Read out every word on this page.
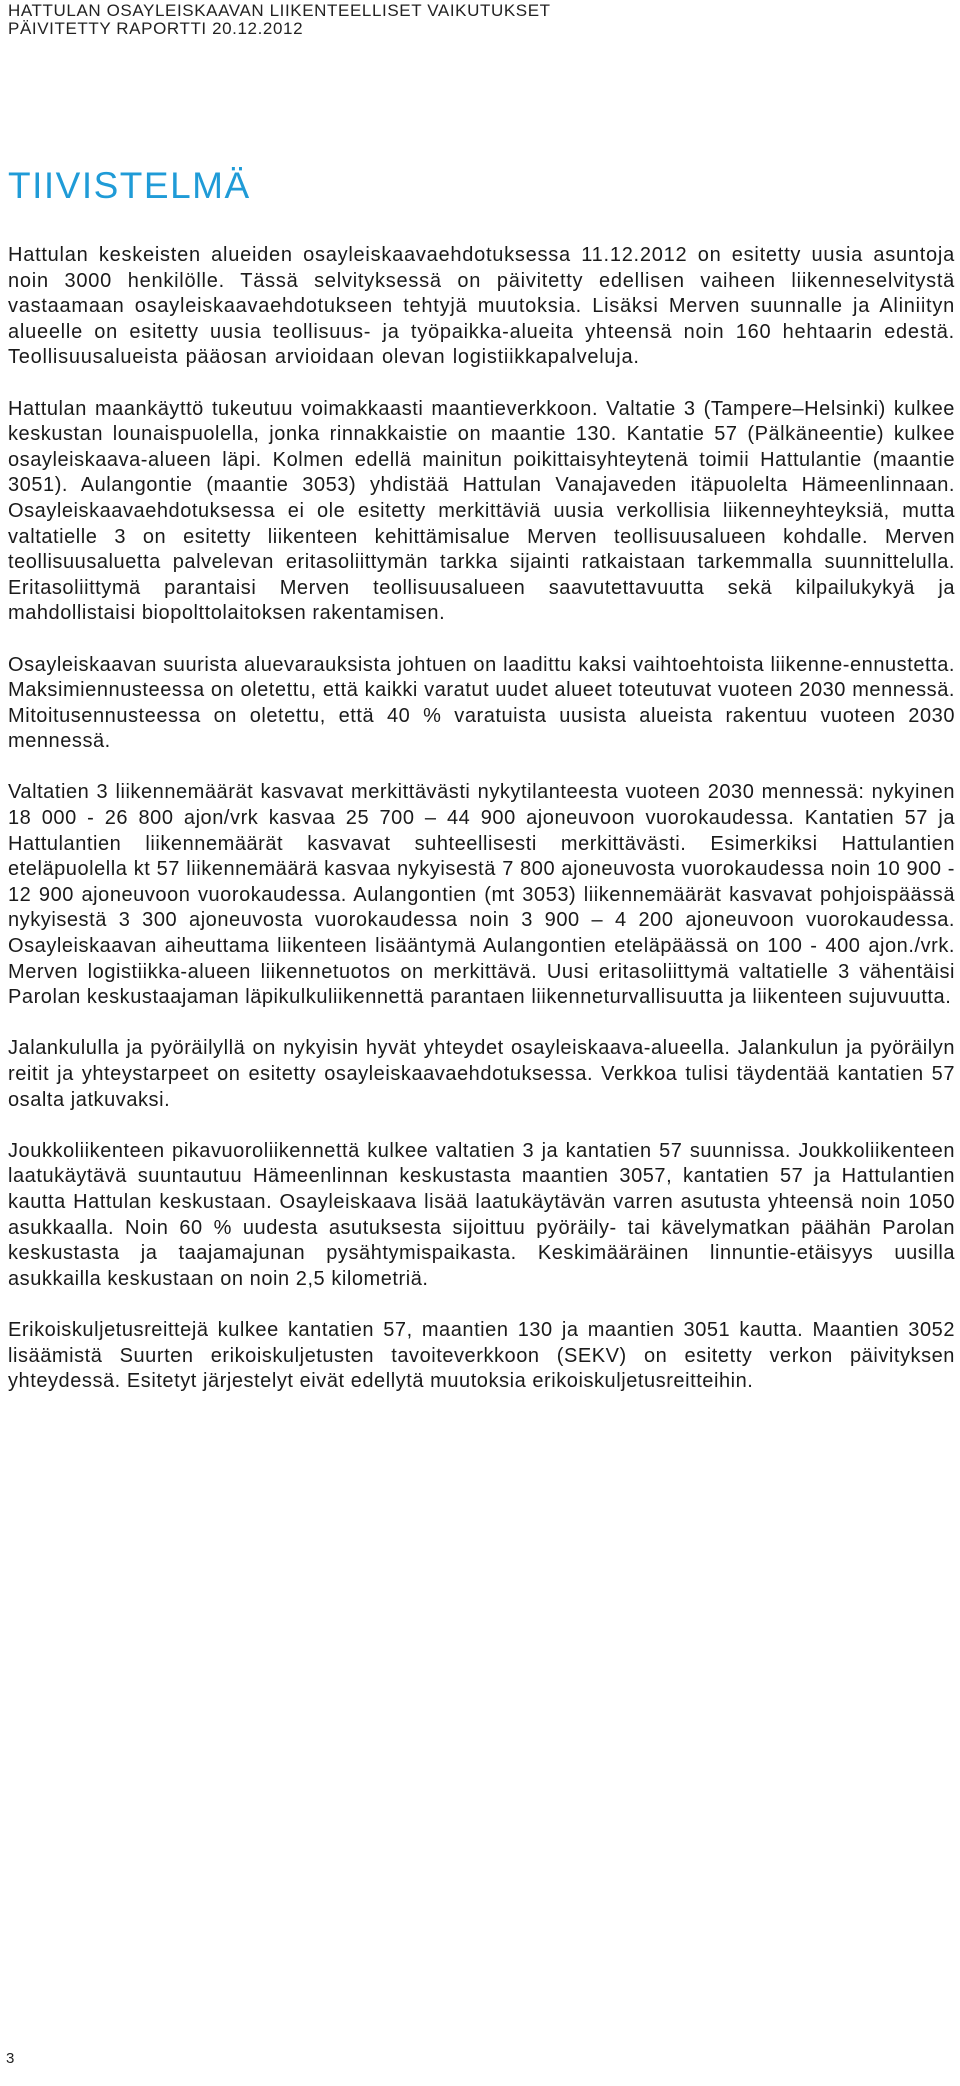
HATTULAN OSAYLEISKAAVAN LIIKENTEELLISET VAIKUTUKSET
PÄIVITETTY RAPORTTI 20.12.2012
TIIVISTELMÄ

Hattulan keskeisten alueiden osayleiskaavaehdotuksessa 11.12.2012 on esitetty uusia asuntoja noin 3000 henkilölle. Tässä selvityksessä on päivitetty edellisen vaiheen liikenneselvitystä vastaamaan osayleiskaavaehdotukseen tehtyjä muutoksia. Lisäksi Merven suunnalle ja Aliniityn alueelle on esitetty uusia teollisuus- ja työpaikka-alueita yhteensä noin 160 hehtaarin edestä. Teollisuusalueista pääosan arvioidaan olevan logistiikkapalveluja.

Hattulan maankäyttö tukeutuu voimakkaasti maantieverkkoon. Valtatie 3 (Tampere–Helsinki) kulkee keskustan lounaispuolella, jonka rinnakkaistie on maantie 130. Kantatie 57 (Pälkäneentie) kulkee osayleiskaava-alueen läpi. Kolmen edellä mainitun poikittaisyhteytenä toimii Hattulantie (maantie 3051). Aulangontie (maantie 3053) yhdistää Hattulan Vanajaveden itäpuolelta Hämeenlinnaan. Osayleiskaavaehdotuksessa ei ole esitetty merkittäviä uusia verkollisia liikenneyhteyksiä, mutta valtatielle 3 on esitetty liikenteen kehittämisalue Merven teollisuusalueen kohdalle. Merven teollisuusaluetta palvelevan eritasoliittymän tarkka sijainti ratkaistaan tarkemmalla suunnittelulla. Eritasoliittymä parantaisi Merven teollisuusalueen saavutettavuutta sekä kilpailukykyä ja mahdollistaisi biopolttolaitoksen rakentamisen.

Osayleiskaavan suurista aluevarauksista johtuen on laadittu kaksi vaihtoehtoista liikenne-ennustetta. Maksimiennusteessa on oletettu, että kaikki varatut uudet alueet toteutuvat vuoteen 2030 mennessä. Mitoitusennusteessa on oletettu, että 40 % varatuista uusista alueista rakentuu vuoteen 2030 mennessä.

Valtatien 3 liikennemäärät kasvavat merkittävästi nykytilanteesta vuoteen 2030 mennessä: nykyinen 18 000 - 26 800 ajon/vrk kasvaa 25 700 – 44 900 ajoneuvoon vuorokaudessa. Kantatien 57 ja Hattulantien liikennemäärät kasvavat suhteellisesti merkittävästi. Esimerkiksi Hattulantien eteläpuolella kt 57 liikennemäärä kasvaa nykyisestä 7 800 ajoneuvosta vuorokaudessa noin 10 900 - 12 900 ajoneuvoon vuorokaudessa. Aulangontien (mt 3053) liikennemäärät kasvavat pohjoispäässä nykyisestä 3 300 ajoneuvosta vuorokaudessa noin 3 900 – 4 200 ajoneuvoon vuorokaudessa. Osayleiskaavan aiheuttama liikenteen lisääntymä Aulangontien eteläpäässä on 100 - 400 ajon./vrk. Merven logistiikka-alueen liikennetuotos on merkittävä. Uusi eritasoliittymä valtatielle 3 vähentäisi Parolan keskustaajaman läpikulkuliikennettä parantaen liikenneturvallisuutta ja liikenteen sujuvuutta.

Jalankululla ja pyöräilyllä on nykyisin hyvät yhteydet osayleiskaava-alueella. Jalankulun ja pyöräilyn reitit ja yhteystarpeet on esitetty osayleiskaavaehdotuksessa. Verkkoa tulisi täydentää kantatien 57 osalta jatkuvaksi.

Joukkoliikenteen pikavuoroliikennettä kulkee valtatien 3 ja kantatien 57 suunnissa. Joukkoliikenteen laatukäytävä suuntautuu Hämeenlinnan keskustasta maantien 3057, kantatien 57 ja Hattulantien kautta Hattulan keskustaan. Osayleiskaava lisää laatukäytävän varren asutusta yhteensä noin 1050 asukkaalla. Noin 60 % uudesta asutuksesta sijoittuu pyöräily- tai kävelymatkan päähän Parolan keskustasta ja taajamajunan pysähtymispaikasta. Keskimääräinen linnuntie-etäisyys uusilla asukkailla keskustaan on noin 2,5 kilometriä.

Erikoiskuljetusreittejä kulkee kantatien 57, maantien 130 ja maantien 3051 kautta. Maantien 3052 lisäämistä Suurten erikoiskuljetusten tavoiteverkkoon (SEKV) on esitetty verkon päivityksen yhteydessä. Esitetyt järjestelyt eivät edellytä muutoksia erikoiskuljetusreitteihin.

3
